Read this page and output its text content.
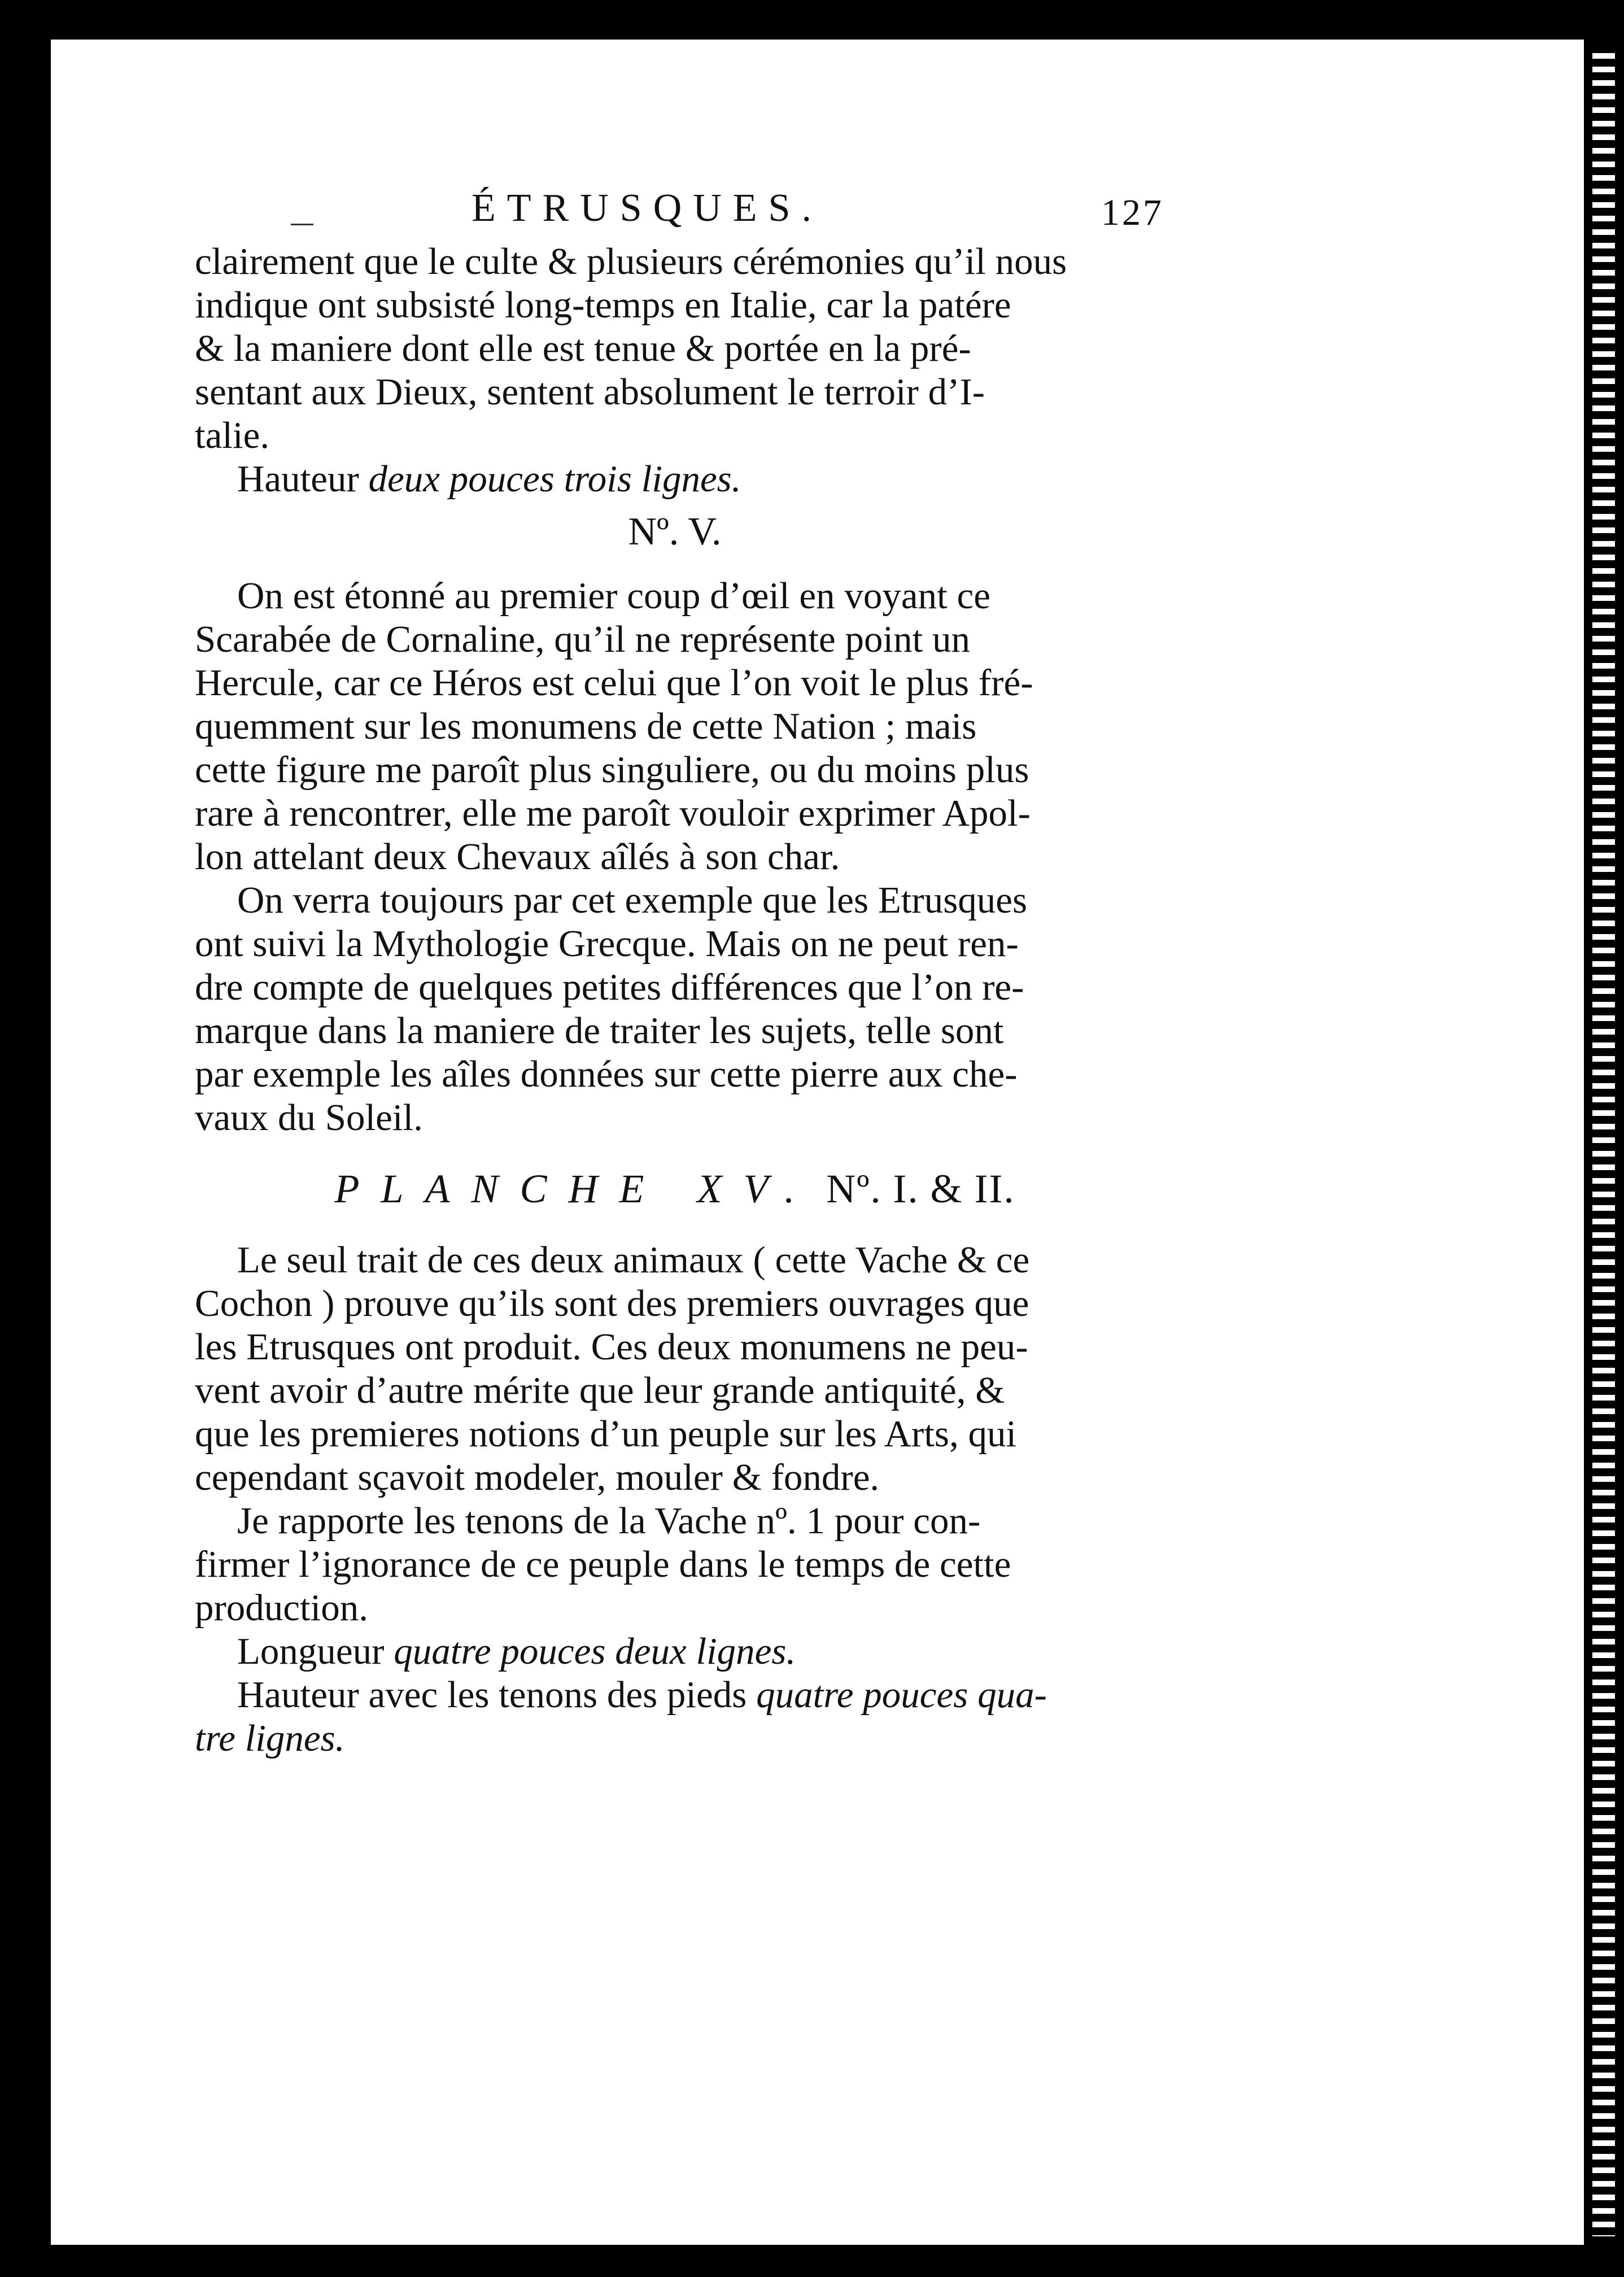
ÉTRUSQUES.	127
clairement que le culte & plusieurs cérémonies qu’il nous
indique ont subsisté long-temps en Italie, car la patére
& la maniere dont elle est tenue & portée en la pré-
sentant aux Dieux, sentent absolument le terroir d’I-
talie.
Hauteur deux pouces trois lignes.
Nº. V.
On est étonné au premier coup d’œil en voyant ce
Scarabée de Cornaline, qu’il ne représente point un
Hercule, car ce Héros est celui que l’on voit le plus fré-
quemment sur les monumens de cette Nation ; mais
cette figure me paroît plus singuliere, ou du moins plus
rare à rencontrer, elle me paroît vouloir exprimer Apol-
lon attelant deux Chevaux aîlés à son char.
On verra toujours par cet exemple que les Etrusques
ont suivi la Mythologie Grecque. Mais on ne peut ren-
dre compte de quelques petites différences que l’on re-
marque dans la maniere de traiter les sujets, telle sont
par exemple les aîles données sur cette pierre aux che-
vaux du Soleil.
PLANCHE XV. Nº. I. & II.
Le seul trait de ces deux animaux ( cette Vache & ce
Cochon ) prouve qu’ils sont des premiers ouvrages que
les Etrusques ont produit. Ces deux monumens ne peu-
vent avoir d’autre mérite que leur grande antiquité, &
que les premieres notions d’un peuple sur les Arts, qui
cependant sçavoit modeler, mouler & fondre.
Je rapporte les tenons de la Vache nº. 1 pour con-
firmer l’ignorance de ce peuple dans le temps de cette
production.
Longueur quatre pouces deux lignes.
Hauteur avec les tenons des pieds quatre pouces qua-
tre lignes.
